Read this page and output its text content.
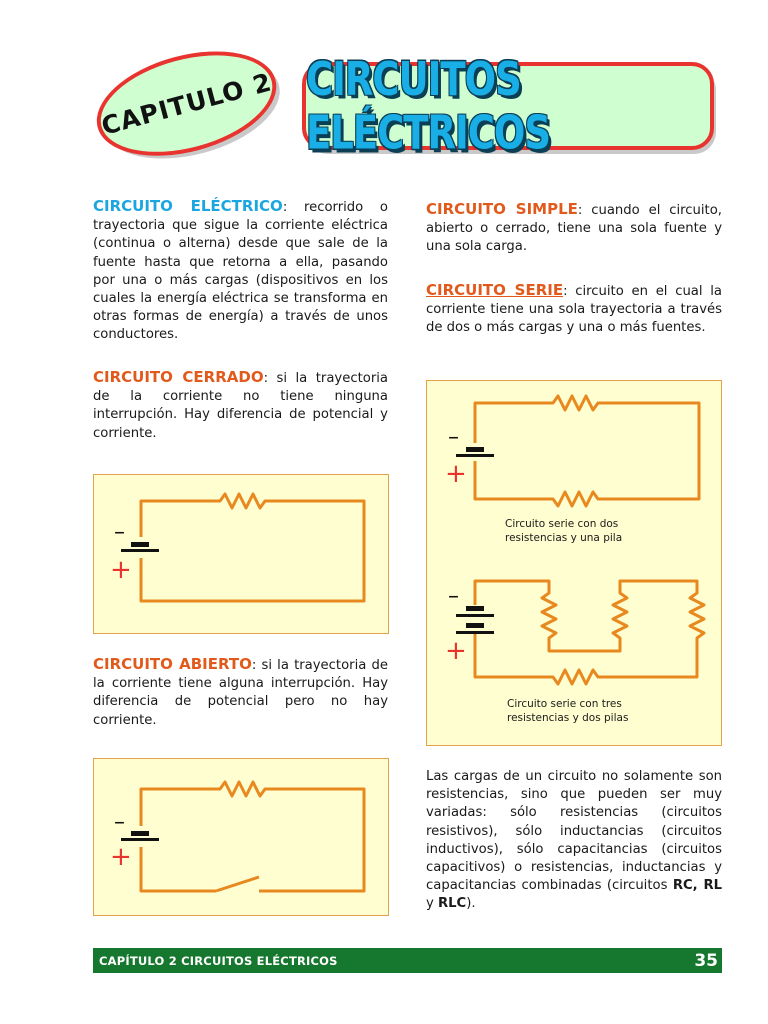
CAPITULO 2 CIRCUITOS ELÉCTRICOS

CIRCUITO ELÉCTRICO: recorrido o trayectoria que sigue la corriente eléctrica (continua o alterna) desde que sale de la fuente hasta que retorna a ella, pasando por una o más cargas (dispositivos en los cuales la energía eléctrica se transforma en otras formas de energía) a través de unos conductores.

CIRCUITO CERRADO: si la trayectoria de la corriente no tiene ninguna interrupción. Hay diferencia de potencial y corriente.

–
+

CIRCUITO ABIERTO: si la trayectoria de la corriente tiene alguna interrupción. Hay diferencia de potencial pero no hay corriente.

–
+

CIRCUITO SIMPLE: cuando el circuito, abierto o cerrado, tiene una sola fuente y una sola carga.

CIRCUITO SERIE: circuito en el cual la corriente tiene una sola trayectoria a través de dos o más cargas y una o más fuentes.

–
+
–
+
Circuito serie con dos resistencias y una pila
Circuito serie con tres resistencias y dos pilas

Las cargas de un circuito no solamente son resistencias, sino que pueden ser muy variadas: sólo resistencias (circuitos resistivos), sólo inductancias (circuitos inductivos), sólo capacitancias (circuitos capacitivos) o resistencias, inductancias y capacitancias combinadas (circuitos RC, RL y RLC).

CAPÍTULO 2 CIRCUITOS ELÉCTRICOS	35
